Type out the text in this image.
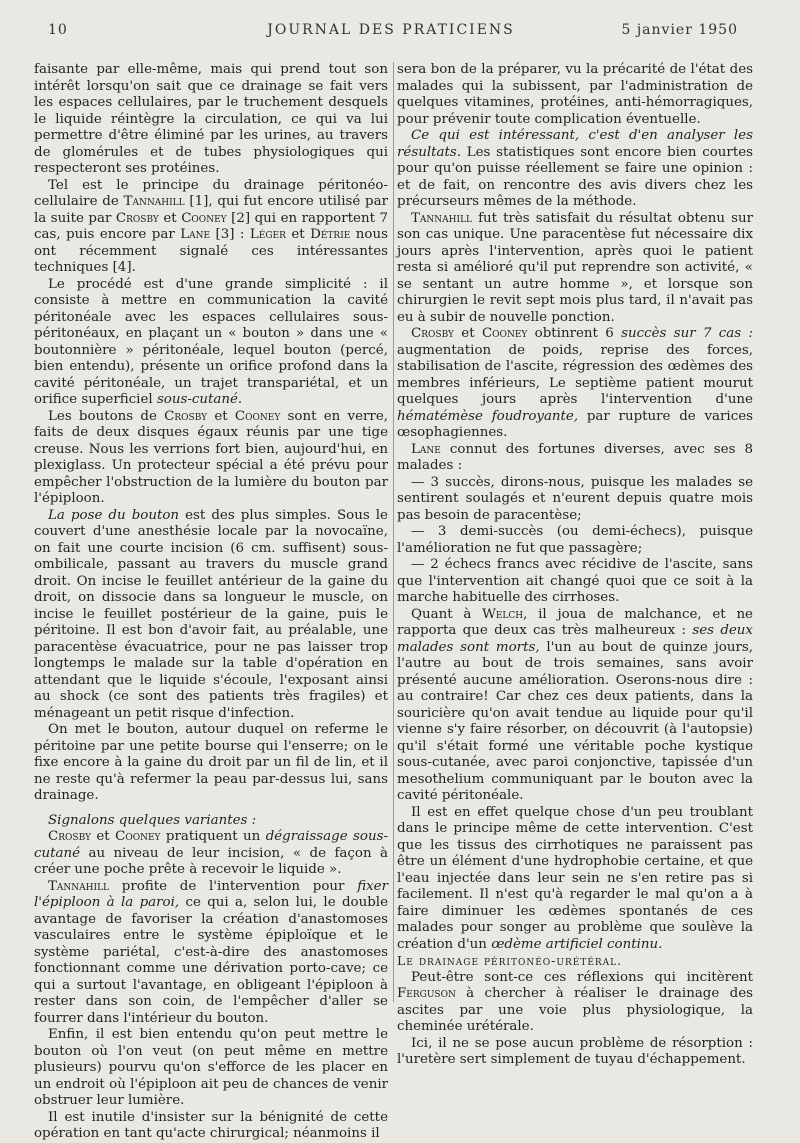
10	JOURNAL DES PRATICIENS	5 janvier 1950

faisante par elle-même, mais qui prend tout son intérêt lorsqu'on sait que ce drainage se fait vers les espaces cellulaires, par le truchement desquels le liquide réintègre la circulation, ce qui va lui permettre d'être éliminé par les urines, au travers de glomérules et de tubes physiologiques qui respecteront ses protéines.

Tel est le principe du drainage péritonéo-cellulaire de Tannahill [1], qui fut encore utilisé par la suite par Crosby et Cooney [2] qui en rapportent 7 cas, puis encore par Lane [3] : Léger et Détrie nous ont récemment signalé ces intéressantes techniques [4].

Le procédé est d'une grande simplicité : il consiste à mettre en communication la cavité péritonéale avec les espaces cellulaires sous-péritonéaux, en plaçant un « bouton » dans une « boutonnière » péritonéale, lequel bouton (percé, bien entendu), présente un orifice profond dans la cavité péritonéale, un trajet transpariétal, et un orifice superficiel sous-cutané.

Les boutons de Crosby et Cooney sont en verre, faits de deux disques égaux réunis par une tige creuse. Nous les verrions fort bien, aujourd'hui, en plexiglass. Un protecteur spécial a été prévu pour empêcher l'obstruction de la lumière du bouton par l'épiploon.

La pose du bouton est des plus simples. Sous le couvert d'une anesthésie locale par la novocaïne, on fait une courte incision (6 cm. suffisent) sous-ombilicale, passant au travers du muscle grand droit. On incise le feuillet antérieur de la gaine du droit, on dissocie dans sa longueur le muscle, on incise le feuillet postérieur de la gaine, puis le péritoine. Il est bon d'avoir fait, au préalable, une paracentèse évacuatrice, pour ne pas laisser trop longtemps le malade sur la table d'opération en attendant que le liquide s'écoule, l'exposant ainsi au shock (ce sont des patients très fragiles) et ménageant un petit risque d'infection.

On met le bouton, autour duquel on referme le péritoine par une petite bourse qui l'enserre; on le fixe encore à la gaine du droit par un fil de lin, et il ne reste qu'à refermer la peau par-dessus lui, sans drainage.

Signalons quelques variantes :

Crosby et Cooney pratiquent un dégraissage sous-cutané au niveau de leur incision, « de façon à créer une poche prête à recevoir le liquide ».

Tannahill profite de l'intervention pour fixer l'épiploon à la paroi, ce qui a, selon lui, le double avantage de favoriser la création d'anastomoses vasculaires entre le système épiploïque et le système pariétal, c'est-à-dire des anastomoses fonctionnant comme une dérivation porto-cave; ce qui a surtout l'avantage, en obligeant l'épiploon à rester dans son coin, de l'empêcher d'aller se fourrer dans l'intérieur du bouton.

Enfin, il est bien entendu qu'on peut mettre le bouton où l'on veut (on peut même en mettre plusieurs) pourvu qu'on s'efforce de les placer en un endroit où l'épiploon ait peu de chances de venir obstruer leur lumière.

Il est inutile d'insister sur la bénignité de cette opération en tant qu'acte chirurgical; néanmoins il

sera bon de la préparer, vu la précarité de l'état des malades qui la subissent, par l'administration de quelques vitamines, protéines, anti-hémorragiques, pour prévenir toute complication éventuelle.

Ce qui est intéressant, c'est d'en analyser les résultats. Les statistiques sont encore bien courtes pour qu'on puisse réellement se faire une opinion : et de fait, on rencontre des avis divers chez les précurseurs mêmes de la méthode.

Tannahill fut très satisfait du résultat obtenu sur son cas unique. Une paracentèse fut nécessaire dix jours après l'intervention, après quoi le patient resta si amélioré qu'il put reprendre son activité, « se sentant un autre homme », et lorsque son chirurgien le revit sept mois plus tard, il n'avait pas eu à subir de nouvelle ponction.

Crosby et Cooney obtinrent 6 succès sur 7 cas : augmentation de poids, reprise des forces, stabilisation de l'ascite, régression des œdèmes des membres inférieurs, Le septième patient mourut quelques jours après l'intervention d'une hématémèse foudroyante, par rupture de varices œsophagiennes.

Lane connut des fortunes diverses, avec ses 8 malades :

— 3 succès, dirons-nous, puisque les malades se sentirent soulagés et n'eurent depuis quatre mois pas besoin de paracentèse;

— 3 demi-succès (ou demi-échecs), puisque l'amélioration ne fut que passagère;

— 2 échecs francs avec récidive de l'ascite, sans que l'intervention ait changé quoi que ce soit à la marche habituelle des cirrhoses.

Quant à Welch, il joua de malchance, et ne rapporta que deux cas très malheureux : ses deux malades sont morts, l'un au bout de quinze jours, l'autre au bout de trois semaines, sans avoir présenté aucune amélioration. Oserons-nous dire : au contraire! Car chez ces deux patients, dans la souricière qu'on avait tendue au liquide pour qu'il vienne s'y faire résorber, on découvrit (à l'autopsie) qu'il s'était formé une véritable poche kystique sous-cutanée, avec paroi conjonctive, tapissée d'un mesothelium communiquant par le bouton avec la cavité péritonéale.

Il est en effet quelque chose d'un peu troublant dans le principe même de cette intervention. C'est que les tissus des cirrhotiques ne paraissent pas être un élément d'une hydrophobie certaine, et que l'eau injectée dans leur sein ne s'en retire pas si facilement. Il n'est qu'à regarder le mal qu'on a à faire diminuer les œdèmes spontanés de ces malades pour songer au problème que soulève la création d'un œdème artificiel continu.

Le drainage péritonéo-urétéral.

Peut-être sont-ce ces réflexions qui incitèrent Ferguson à chercher à réaliser le drainage des ascites par une voie plus physiologique, la cheminée urétérale.

Ici, il ne se pose aucun problème de résorption : l'uretère sert simplement de tuyau d'échappement.
